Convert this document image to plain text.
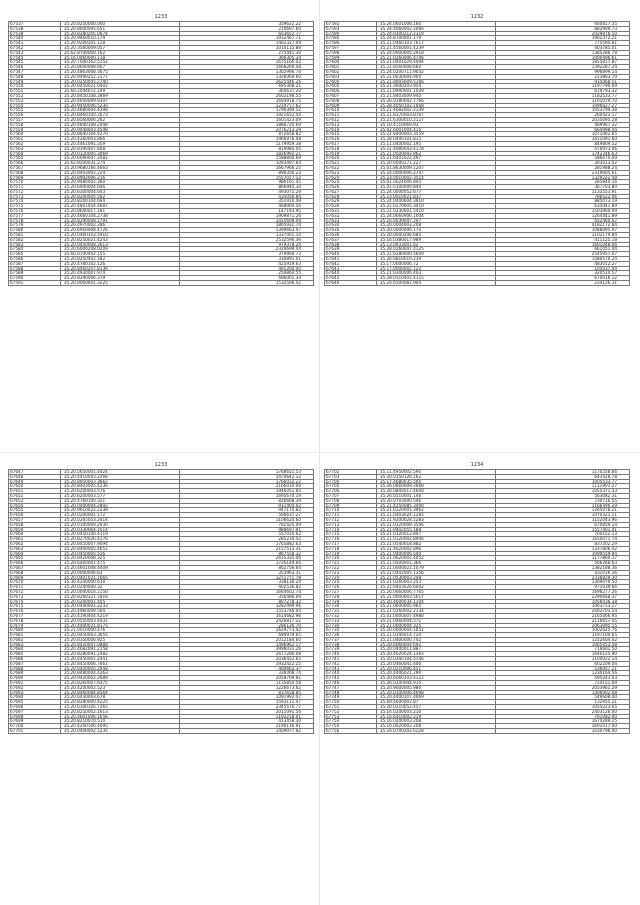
1233
67537	35.20.8250000.000	359622.22
67538	35.20.8000095.651	210697.60
67539	35.20.8280205.0074	603652.77
67540	35.20.9460010.179	1932467.71
67541	35.20.9200201.128	1462327.09
67542	35.20.3560009.057	1010115.88
67543	35.62.8700000.162	275441.30
67544	35.16.0460000.118	366305.34
67545	35.20.7040162.5151	1675166.02
67546	35.20.8640008.667	1668269.58
67547	35.20.4863008.3075	1302996.74
67548	35.20.9490252.2177	1326069.60
67549	35.20.0250005.2740	2625446.26
67550	35.20.0450021.0402	695308.21
67551	35.60.2044072.149	360637.20
67552	35.20.8450108.2869	2602198.55
67553	35.20.4650009.9307	1693918.75
67554	35.20.9450006.5230	2219777.62
67555	35.20.4680004.4398	1796390.52
67556	35.20.8460100.2673	1921652.44
67557	35.20.8560006.262	1601423.09
67558	35.20.4840108.2048	1886720.69
67559	35.20.9448003.4598	2076213.29
67560	35.20.8640104.4270	872658.82
67561	35.20.4260003.866	1966976.08
67562	35.20.4461091.359	1179959.38
67563	35.20.8390407.608	819985.05
67564	35.20.0120005.3069	1826992.21
67565	35.20.6090007.2082	1588800.69
67566	35.62.8200031.274	1093497.64
67567	35.20.9680166.4665	1667966.25
67568	35.20.8403002.224	890356.23
67569	35.20.8902006.216	1557017.12
67570	35.20.9480002.360	986161.45
67571	35.20.6940004.646	866944.30
67572	35.20.6300004.643	493075.29
67573	35.20.8200005.502	435056.84
67574	35.20.8200104.664	351910.49
67575	35.20.4801054.4687	468900.56
67576	35.20.8640017.181	147193.95
67577	35.20.4660104.2738	1909871.26
67578	35.20.8290008.1791	1025609.09
67579	35.20.4970002.286	1865931.74
67580	35.20.6950008.4726	1399663.47
67581	35.20.0460103.5410	1337001.10
67582	35.20.8250021.4243	2532596.36
67583	35.20.0450008.2613	979378.24
67584	35.20.6000208.0209	2329699.44
67585	35.60.0700402.155	379960.73
67586	35.20.8250402.182	330891.01
67587	35.20.4780102.126	425919.63
67588	35.20.8460207.8136	491204.00
67589	35.20.4930007.974	250864.55
67590	35.20.8290006.379	696001.34
67591	35.20.8060601.3225	1532506.42
1232
67592	35.24.0601006.160	660817.35
67593	35.24.4060002.2066	882909.73
67594	35.24.0300212.2319	2029876.10
67595	35.24.8700001.179	1902372.21
67596	35.21.0460103.7617	775594.81
67597	35.21.4560001.4239	403785.01
67598	35.24.0900005.2918	1385286.78
67599	35.21.0260006.4746	1000496.61
67600	35.21.0401029.4094	1855817.87
67601	35.21.8560008.660	1392287.24
67602	35.24.0200711.9032	996899.14
67603	35.21.0030004.904	213863.70
67604	35.21.8093009.5166	935068.51
67605	35.21.3600203.954	1197790.09
67606	35.21.0990001.1029	679793.32
67607	35.21.8403009.940	1182533.77
67608	35.26.0280002.7766	1161079.70
67609	35.28.4050102.1668	1096627.27
67610	35.21.4682002.2139	1053799.38
67611	35.21.8370003.8767	260423.17
67612	35.21.6300010.2127	2035095.28
67613	35.10.4110069.93	469967.32
67614	35.02.6001004.415	664998.44
67615	35.21.8400003.3559	1071062.65
67616	35.28.0400101.815	1651091.60
67617	35.11.0400002.195	849809.52
67618	35.21.4080043.4178	476973.06
67619	35.21.0500092.962	1742346.63
67620	35.21.6401022.497	586670.49
67621	35.20.0000271.227	303013.52
67622	35.01.8630009.1207	281988.24
67623	35.24.0000006.2747	2319005.61
67624	35.23.0010002.3514	1329222.48
67625	35.01.0024006.845	285840.16
67626	35.01.0100009.840	367703.80
67627	35.24.0000052.677	1133553.91
67628	35.23.0010021.837	786522.06
67629	35.24.0400604.3910	885073.19
67630	35.21.0270605.3410	635041.89
67631	35.21.0230001.5410	1503960.09
67632	35.24.0660906.1004	1264441.89
67633	35.16.0039047.247	652460.47
67634	35.20.0004003.208	4182172.64
67635	35.20.0000006.170	1088095.97
67636	35.20.0000206.685	1102179.84
67637	35.16.0380017.989	411125.18
67638	35.13.0933001.62	1601048.06
67639	35.28.0260047.4125	661051.44
67640	35.21.6280000.5609	2545957.07
67641	35.26.0810019.239	1580570.24
67642	35.17.0000006.72	483012.27
67643	35.17.0000002.122	105037.44
67644	35.21.0300006.403	320514.57
67645	35.28.0510402.4115	670016.12
67646	35.24.6500081.904	234126.31
1233
67647	35.20.5650001.4424	1768651.53
67648	35.20.4410003.2266	1470642.12
67649	35.20.8950003.3662	1766032.22
67650	35.20.8403005.4236	2166010.06
67651	35.20.6200003.576	1946051.85
67652	35.20.6200003.577	1695670.19
67653	35.20.4760100.321	826668.39
67654	35.20.0400004.2892	911404.02
67655	35.20.9610022.2238	947174.82
67656	35.20.0200001.172	506637.27
67657	35.20.0265053.2414	1106620.60
67658	35.20.0100009.2930	781425.09
67659	35.20.0330064.1614	988697.91
67660	35.20.0450100.4119	557010.62
67661	35.20.8270026.4176	285234.42
67662	35.20.8450007.9494	1765882.63
67663	35.20.8400005.4651	2157513.31
67664	35.20.0450005.516	867558.32
67665	35.20.8420008.325	2615335.06
67666	35.20.6400001.475	1726149.66
67667	35.20.4601008.4409	802756.64
67668	35.20.0000006.63	353963.31
67669	35.20.0401021.1665	1271771.78
67670	35.30.4240000.610	338136.24
67671	35.20.0240000.32	402536.82
67672	35.20.0040016.2150	1664602.74
67673	35.20.8260221.1816	356486.09
67674	35.20.6200001.405	807278.32
67675	35.20.0440002.2233	1282999.96
67676	35.20.4960009.564	1553746.04
67677	35.20.4190404.4219	1614682.96
67678	35.20.0550003.4431	2426817.22
67679	35.20.4400021.8175	286126.70
67680	35.21.0010000.476	1629773.42
67681	35.20.9450003.3655	689979.65
67682	35.20.8350006.925	2012184.60
67683	35.20.8420007.0888	1496962.17
67684	35.20.4682091.2158	3996031.26
67685	35.20.8280091.2482	2677286.08
67686	35.20.4450001.2441	2036452.65
67687	35.20.8450006.7661	1932422.25
67688	35.20.6420005.2648	460663.37
67689	35.20.8480004.4263	336008.74
67690	35.20.9420002.2689	2058709.81
67691	35.20.8260007.6475	1135850.58
67692	35.20.4200002.523	1226673.62
67693	35.20.8460084.8564	837658.85
67694	35.20.6430003.678	1091992.07
67695	35.20.8280000.4225	1593111.47
67696	35.20.6300105.7265	2345576.77
67697	35.20.8250002.1613	2011091.56
67698	35.20.4601006.1656	1192218.01
67699	35.20.8210070.510	413458.30
67700	35.20.4200106.4095	2190116.91
67701	35.20.0400002.1235	1409977.82
1234
67702	35.11.4950002.590	1170258.66
67703	35.20.0350126.162	643428.78
67704	35.17.4680035.595	1005533.77
67705	35.26.0660009.2668	1111901.27
67706	35.26.0840017.4600	1055371.33
67707	35.26.0510001.146	563082.31
67708	35.20.0703000.546	730716.55
67709	35.21.4250085.3400	1166496.29
67710	35.21.0320001.3962	1265078.21
67711	35.21.0403024.1285	1070321.11
67712	35.21.9200028.1283	1152043.96
67713	35.21.0320009.3546	670859.14
67714	35.21.9402055.188	1557401.41
67715	35.21.0320012.807	700152.13
67716	35.21.0320002.8946	1650071.74
67717	35.21.0540018.882	837202.29
67718	35.21.4620002.896	1337806.42
67719	35.21.0400006.540	1099559.94
67720	35.21.0620001.4052	1177860.37
67721	35.21.0500001.366	566268.63
67722	35.21.0000022.1079	1382188.36
67723	35.21.0402005.1356	431016.36
67724	35.21.0530003.248	2336829.30
67725	35.21.0260003.253	1309479.50
67726	35.21.0403026.6002	971039.66
67727	35.26.0660006.7765	1696277.26
67728	35.21.0000003.5617	2290668.37
67729	35.20.4600034.1104	1056036.38
67730	35.21.0600005.965	1063713.27
67731	35.21.0260002.2134	2003703.54
67732	35.01.0000007.4980	2165066.95
67733	35.21.0460004.571	2116657.45
67734	35.21.0000004.325	2063095.15
67735	35.20.0000004.1051	1002025.76
67736	35.21.0340014.720	1197100.65
67737	35.21.0400000.742	1252604.42
67738	35.20.6060004.692	1065453.58
67739	35.20.0400011.887	716601.50
67740	35.20.4020024.1365	1640125.90
67741	35.20.0340104.5146	1100022.14
67742	35.20.0460041.406	602209.04
67743	35.20.0210006.451	536957.21
67744	35.20.4406021.290	1230164.56
67745	35.20.6060103.4122	595243.03
67746	35.26.0200044.915	714151.09
67747	35.20.9000005.986	2053961.29
67748	35.20.0100006.4098	1306002.08
67749	35.20.4400107.4069	549608.40
67750	35.69.4600002.87	132955.21
67751	35.20.0210052.457	1055223.65
67752	35.16.0200003.210	2403126.00
67753	35.16.6410002.219	761082.00
67754	35.16.0200003.208	1674289.25
67755	35.16.0020002.208	1601017.00
67756	35.16.0700202.6228	1030796.00
